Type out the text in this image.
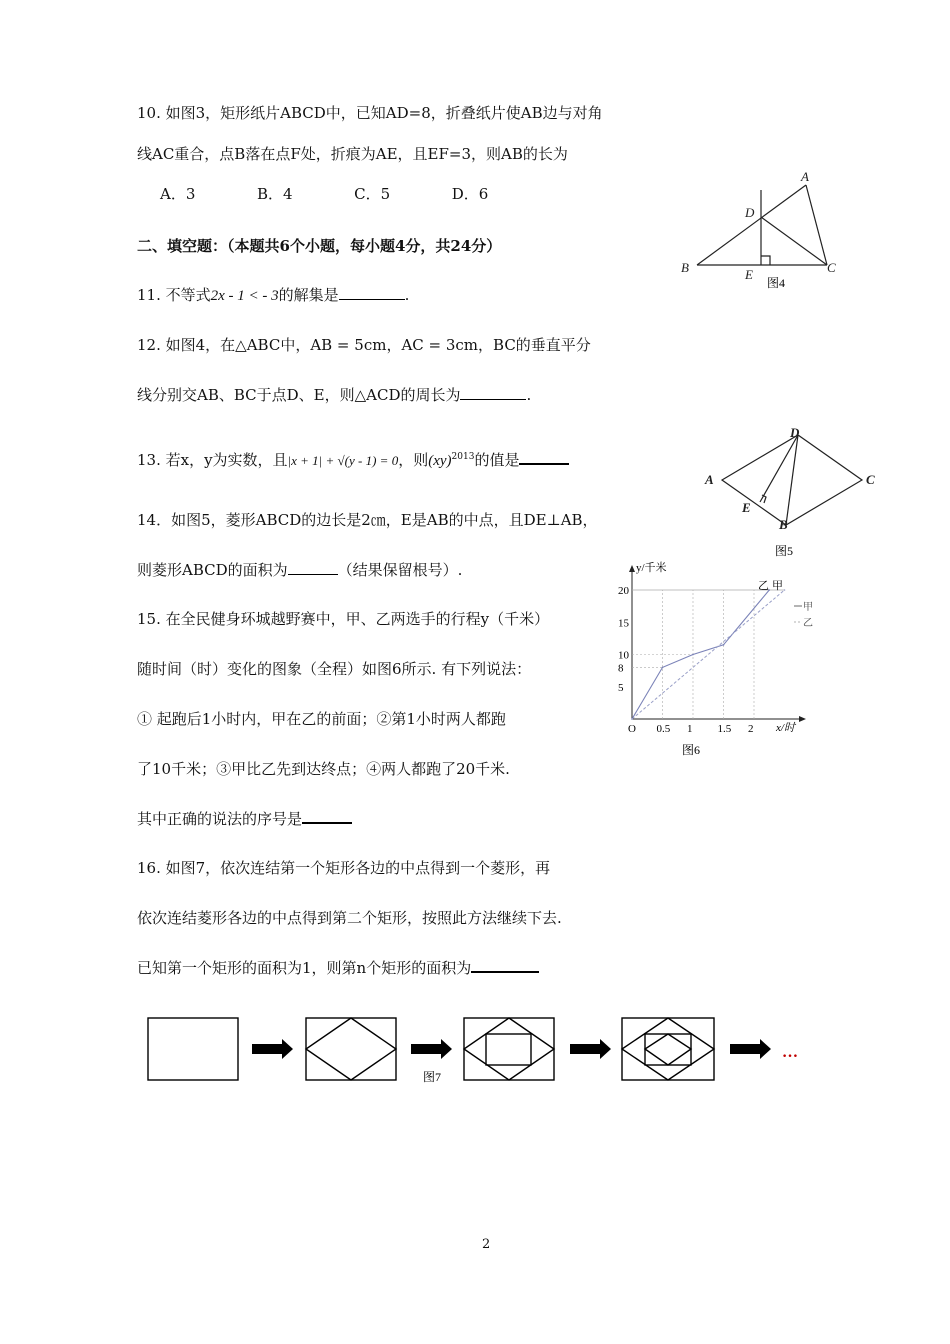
10. 如图3，矩形纸片ABCD中，已知AD=8，折叠纸片使AB边与对角
线AC重合，点B落在点F处，折痕为AE，且EF=3，则AB的长为
A．3	B．4	C．5	D．6
二、填空题：（本题共6个小题，每小题4分，共24分）
11. 不等式2x - 1 < - 3的解集是	.
12. 如图4，在△ABC中，AB = 5cm，AC = 3cm，BC的垂直平分
线分别交AB、BC于点D、E，则△ACD的周长为	.
13. 若x，y为实数，且|x + 1| + √(y - 1) = 0，则(xy)$^{2013}$的值是
14．如图5，菱形ABCD的边长是2㎝，E是AB的中点，且DE⊥AB，
则菱形ABCD的面积为	（结果保留根号）.
15. 在全民健身环城越野赛中，甲、乙两选手的行程y（千米）
随时间（时）变化的图象（全程）如图6所示. 有下列说法：
① 起跑后1小时内，甲在乙的前面；②第1小时两人都跑
了10千米；③甲比乙先到达终点；④两人都跑了20千米.
其中正确的说法的序号是
16. 如图7，依次连结第一个矩形各边的中点得到一个菱形，再
依次连结菱形各边的中点得到第二个矩形，按照此方法继续下去.
已知第一个矩形的面积为1，则第n个矩形的面积为
A
B	C
D
E
图4
A
B
C
D
E
图5
y/千米
x/时
O 0.5 1 1.5 2
5
8
10
15
20	乙 甲
甲
乙
图6
…
图7
2
